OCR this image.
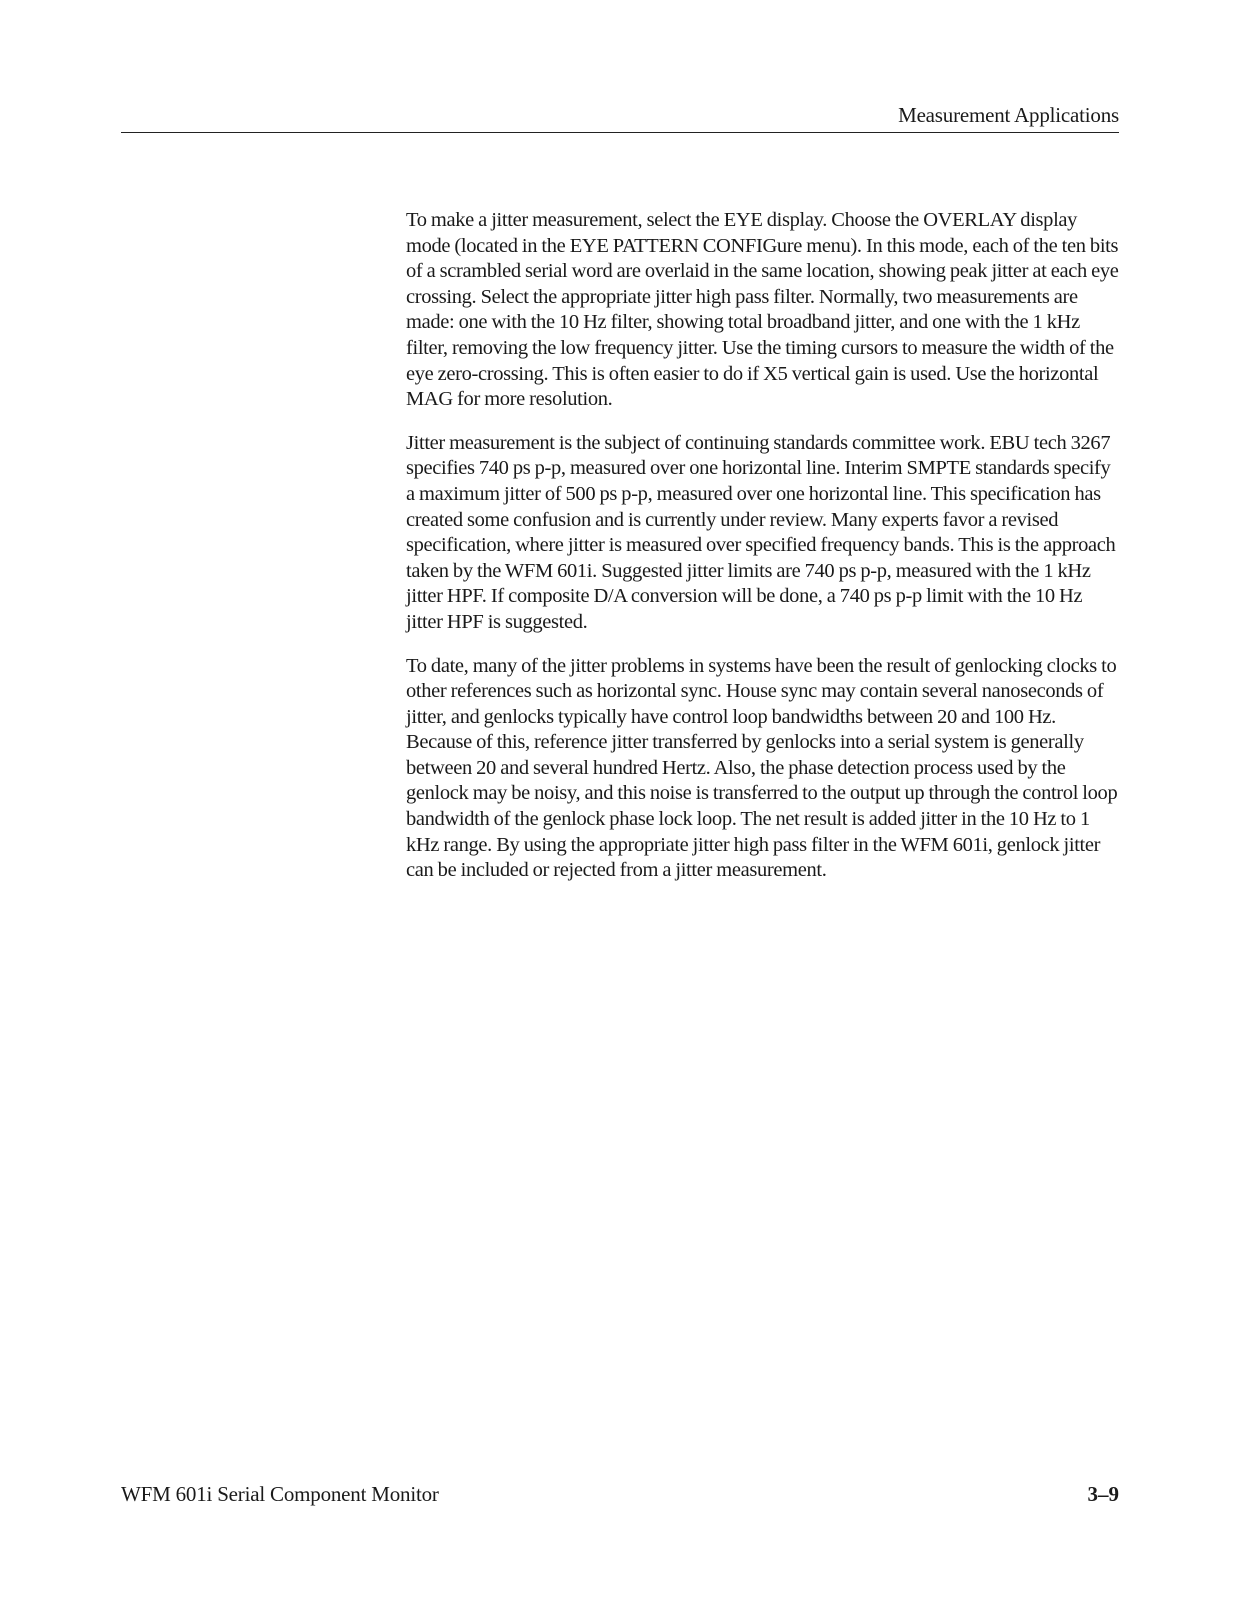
Measurement Applications

To make a jitter measurement, select the EYE display. Choose the OVERLAY display mode (located in the EYE PATTERN CONFIGure menu). In this mode, each of the ten bits of a scrambled serial word are overlaid in the same location, showing peak jitter at each eye crossing. Select the appropriate jitter high pass filter. Normally, two measurements are made: one with the 10 Hz filter, showing total broadband jitter, and one with the 1 kHz filter, removing the low frequency jitter. Use the timing cursors to measure the width of the eye zero-crossing. This is often easier to do if X5 vertical gain is used. Use the horizontal MAG for more resolution.

Jitter measurement is the subject of continuing standards committee work. EBU tech 3267 specifies 740 ps p-p, measured over one horizontal line. Interim SMPTE standards specify a maximum jitter of 500 ps p-p, measured over one horizontal line. This specification has created some confusion and is currently under review. Many experts favor a revised specification, where jitter is measured over specified frequency bands. This is the approach taken by the WFM 601i. Suggested jitter limits are 740 ps p-p, measured with the 1 kHz jitter HPF. If composite D/A conversion will be done, a 740 ps p-p limit with the 10 Hz jitter HPF is suggested.

To date, many of the jitter problems in systems have been the result of genlocking clocks to other references such as horizontal sync. House sync may contain several nanoseconds of jitter, and genlocks typically have control loop bandwidths between 20 and 100 Hz. Because of this, reference jitter transferred by genlocks into a serial system is generally between 20 and several hundred Hertz. Also, the phase detection process used by the genlock may be noisy, and this noise is transferred to the output up through the control loop bandwidth of the genlock phase lock loop. The net result is added jitter in the 10 Hz to 1 kHz range. By using the appropriate jitter high pass filter in the WFM 601i, genlock jitter can be included or rejected from a jitter measurement.

WFM 601i Serial Component Monitor	3–9
